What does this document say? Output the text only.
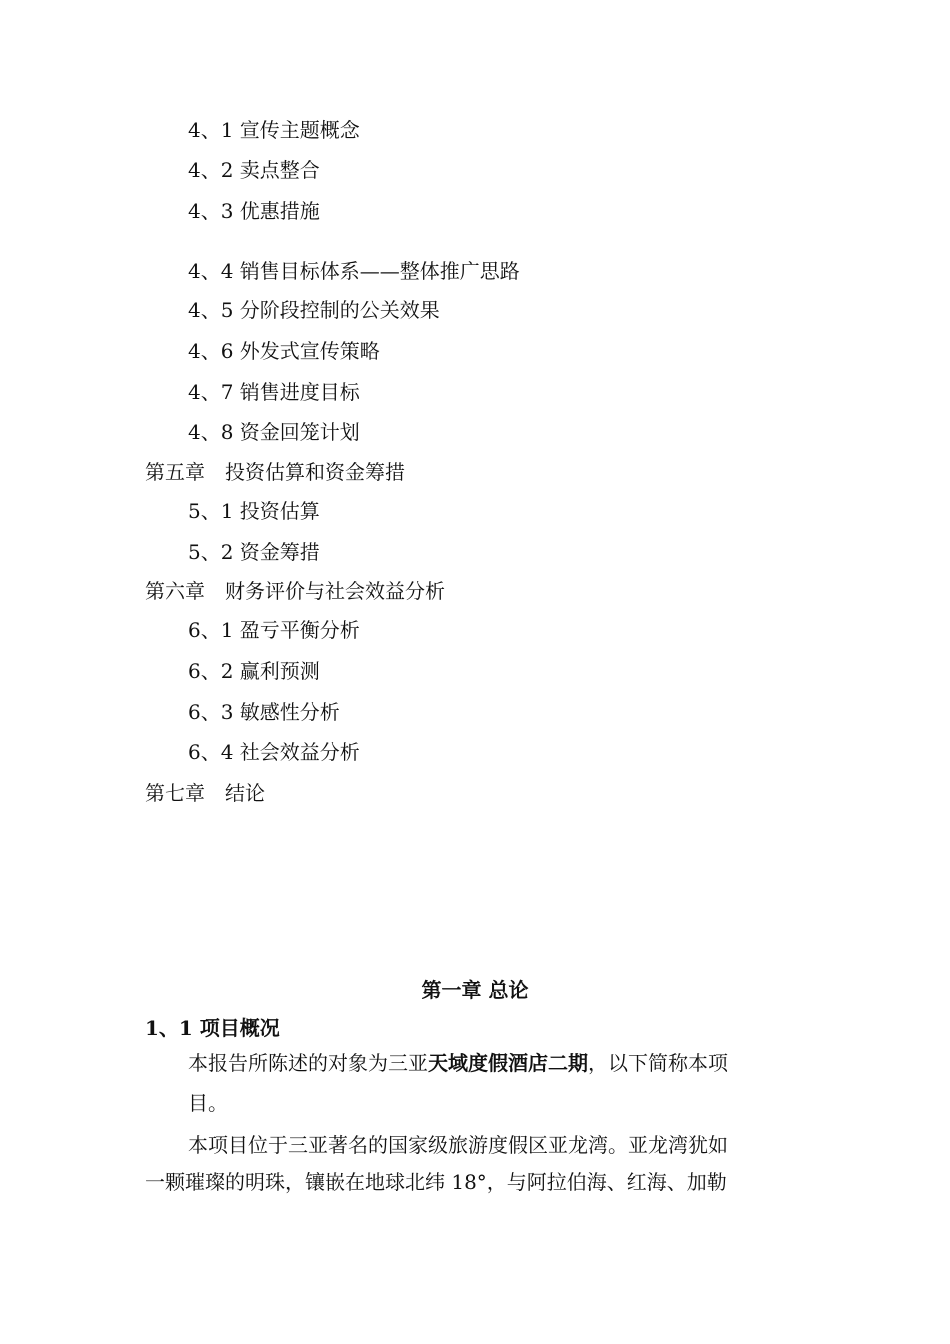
4、1 宣传主题概念
4、2 卖点整合
4、3 优惠措施
4、4 销售目标体系——整体推广思路
4、5 分阶段控制的公关效果
4、6 外发式宣传策略
4、7 销售进度目标
4、8 资金回笼计划
第五章　投资估算和资金筹措
5、1 投资估算
5、2 资金筹措
第六章　财务评价与社会效益分析
6、1 盈亏平衡分析
6、2 赢利预测
6、3 敏感性分析
6、4 社会效益分析
第七章　结论
第一章 总论
1、1 项目概况
本报告所陈述的对象为三亚天域度假酒店二期，以下简称本项
目。
本项目位于三亚著名的国家级旅游度假区亚龙湾。亚龙湾犹如
一颗璀璨的明珠，镶嵌在地球北纬 18°，与阿拉伯海、红海、加勒
